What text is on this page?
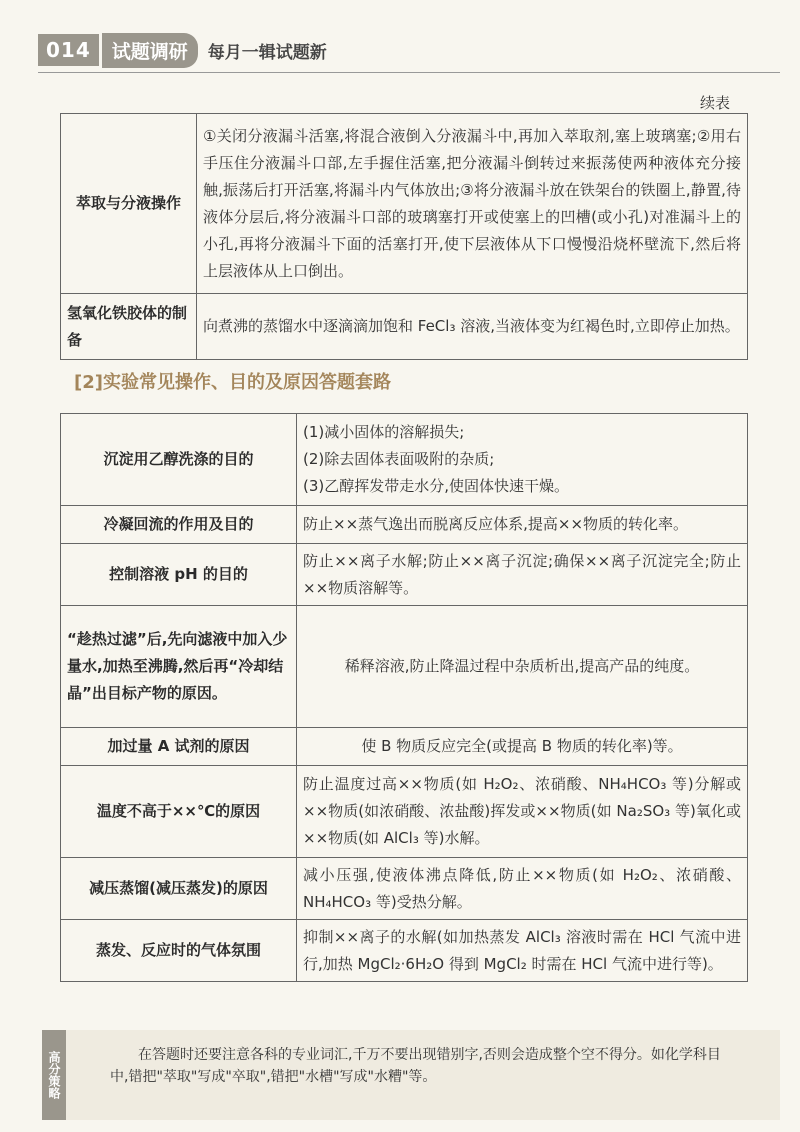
014	试题调研	每月一辑试题新
续表
萃取与分液操作	①关闭分液漏斗活塞,将混合液倒入分液漏斗中,再加入萃取剂,塞上玻璃塞;②用右手压住分液漏斗口部,左手握住活塞,把分液漏斗倒转过来振荡使两种液体充分接触,振荡后打开活塞,将漏斗内气体放出;③将分液漏斗放在铁架台的铁圈上,静置,待液体分层后,将分液漏斗口部的玻璃塞打开或使塞上的凹槽(或小孔)对准漏斗上的小孔,再将分液漏斗下面的活塞打开,使下层液体从下口慢慢沿烧杯壁流下,然后将上层液体从上口倒出。
氢氧化铁胶体的制备	向煮沸的蒸馏水中逐滴滴加饱和 FeCl₃ 溶液,当液体变为红褐色时,立即停止加热。
[2]实验常见操作、目的及原因答题套路
沉淀用乙醇洗涤的目的	(1)减小固体的溶解损失;
(2)除去固体表面吸附的杂质;
(3)乙醇挥发带走水分,使固体快速干燥。
冷凝回流的作用及目的	防止××蒸气逸出而脱离反应体系,提高××物质的转化率。
控制溶液 pH 的目的	防止××离子水解;防止××离子沉淀;确保××离子沉淀完全;防止××物质溶解等。
“趁热过滤”后,先向滤液中加入少量水,加热至沸腾,然后再“冷却结晶”出目标产物的原因。	稀释溶液,防止降温过程中杂质析出,提高产品的纯度。
加过量 A 试剂的原因	使 B 物质反应完全(或提高 B 物质的转化率)等。
温度不高于××℃的原因	防止温度过高××物质(如 H₂O₂、浓硝酸、NH₄HCO₃ 等)分解或××物质(如浓硝酸、浓盐酸)挥发或××物质(如 Na₂SO₃ 等)氧化或××物质(如 AlCl₃ 等)水解。
减压蒸馏(减压蒸发)的原因	减小压强,使液体沸点降低,防止××物质(如 H₂O₂、浓硝酸、NH₄HCO₃ 等)受热分解。
蒸发、反应时的气体氛围	抑制××离子的水解(如加热蒸发 AlCl₃ 溶液时需在 HCl 气流中进行,加热 MgCl₂·6H₂O 得到 MgCl₂ 时需在 HCl 气流中进行等)。
高分策略	在答题时还要注意各科的专业词汇,千万不要出现错别字,否则会造成整个空不得分。如化学科目中,错把"萃取"写成"卒取",错把"水槽"写成"水糟"等。
